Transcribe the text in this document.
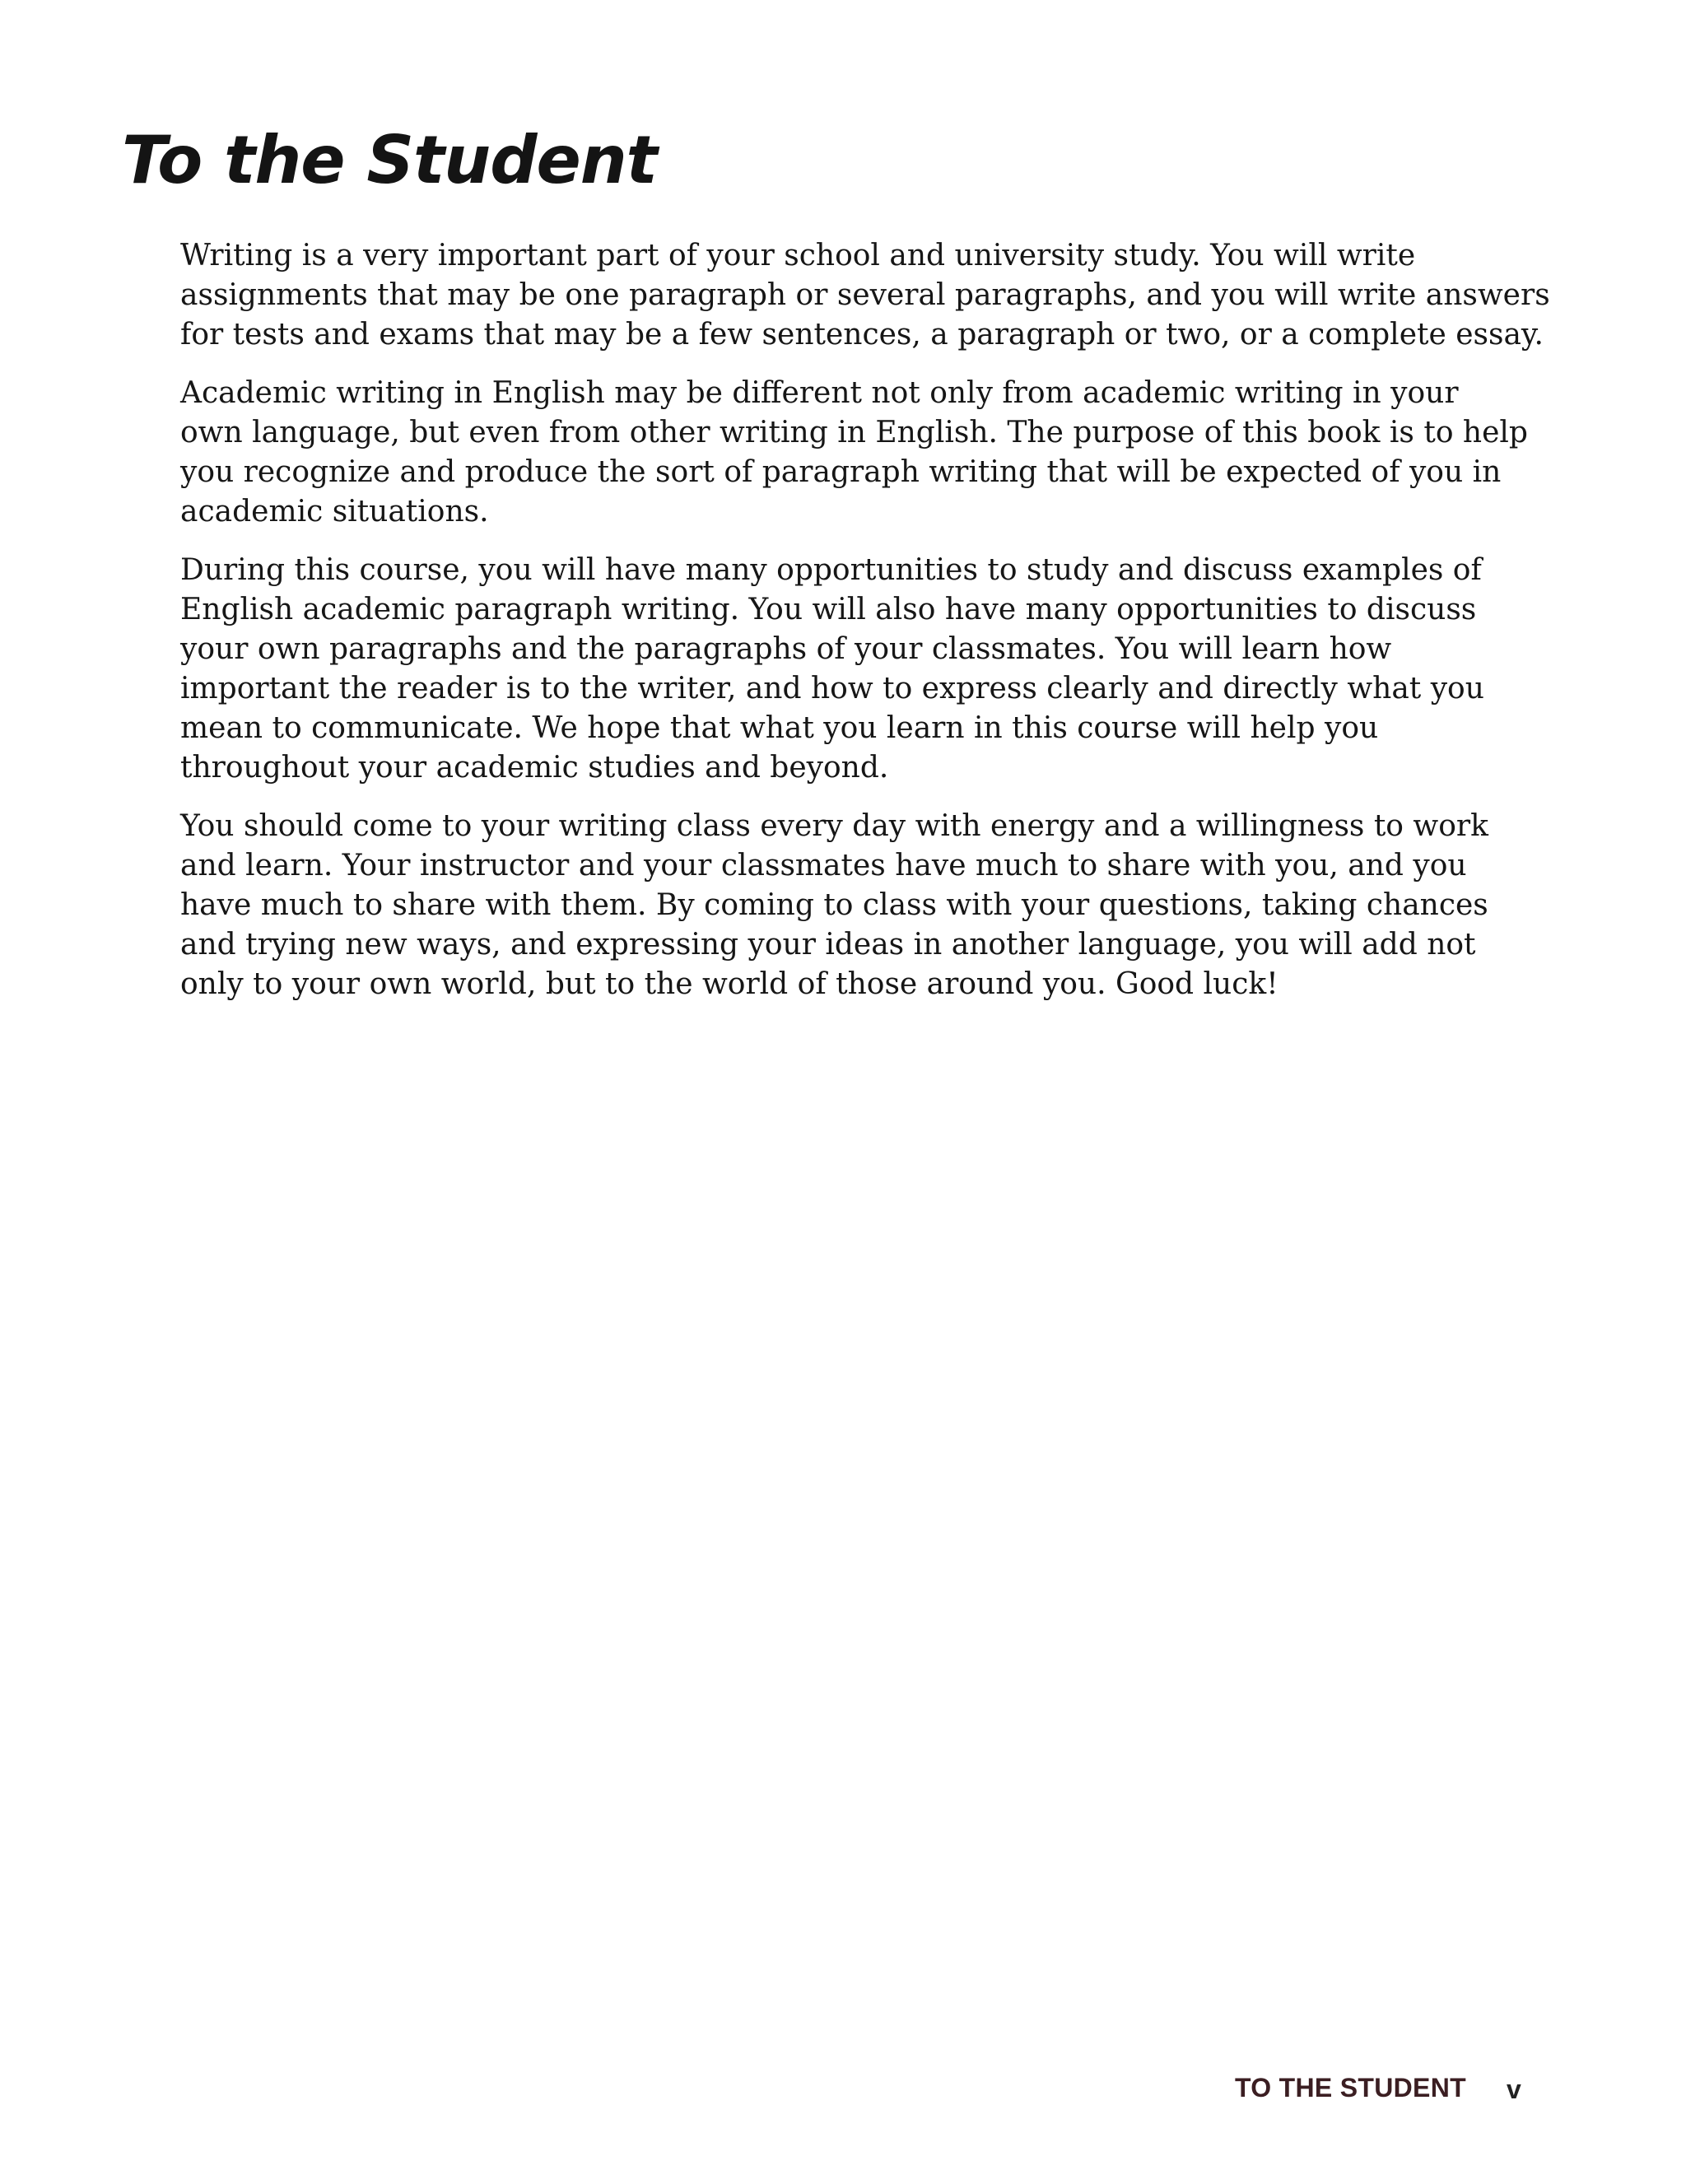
To the Student

Writing is a very important part of your school and university study. You will write
assignments that may be one paragraph or several paragraphs, and you will write answers
for tests and exams that may be a few sentences, a paragraph or two, or a complete essay.

Academic writing in English may be different not only from academic writing in your
own language, but even from other writing in English. The purpose of this book is to help
you recognize and produce the sort of paragraph writing that will be expected of you in
academic situations.

During this course, you will have many opportunities to study and discuss examples of
English academic paragraph writing. You will also have many opportunities to discuss
your own paragraphs and the paragraphs of your classmates. You will learn how
important the reader is to the writer, and how to express clearly and directly what you
mean to communicate. We hope that what you learn in this course will help you
throughout your academic studies and beyond.

You should come to your writing class every day with energy and a willingness to work
and learn. Your instructor and your classmates have much to share with you, and you
have much to share with them. By coming to class with your questions, taking chances
and trying new ways, and expressing your ideas in another language, you will add not
only to your own world, but to the world of those around you. Good luck!

TO THE STUDENT v
